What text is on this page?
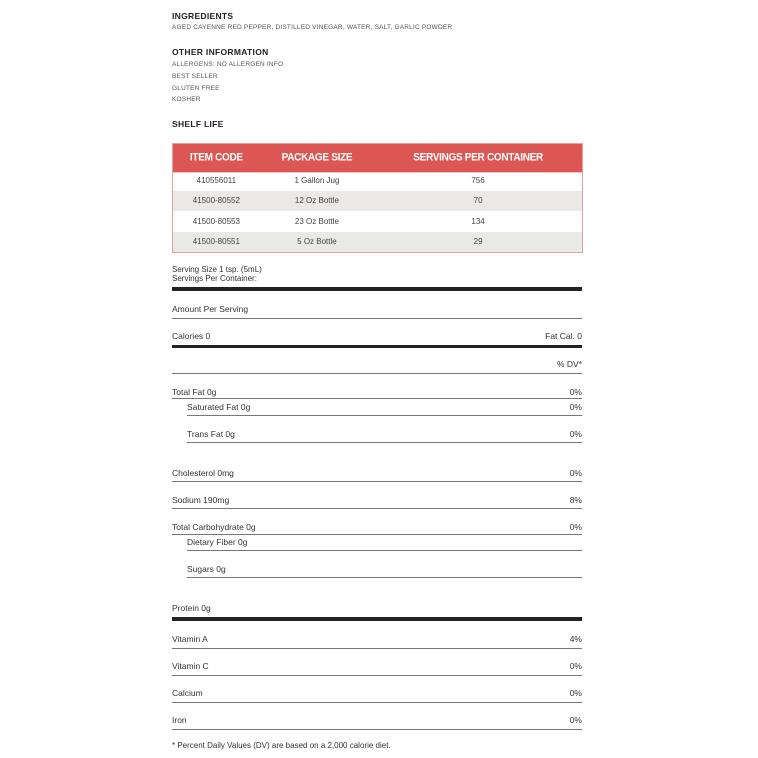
INGREDIENTS
AGED CAYENNE RED PEPPER, DISTILLED VINEGAR, WATER, SALT, GARLIC POWDER
OTHER INFORMATION
ALLERGENS: NO ALLERGEN INFO
BEST SELLER
GLUTEN FREE
KOSHER
SHELF LIFE
ITEM CODE	PACKAGE SIZE	SERVINGS PER CONTAINER
410556011	1 Gallon Jug	756
41500-80552	12 Oz Bottle	70
41500-80553	23 Oz Bottle	134
41500-80551	5 Oz Bottle	29
Serving Size 1 tsp. (5mL)
Servings Per Container:
Amount Per Serving
Calories 0	Fat Cal. 0
% DV*
Total Fat 0g	0%
Saturated Fat 0g	0%
Trans Fat 0g	0%
Cholesterol 0mg	0%
Sodium 190mg	8%
Total Carbohydrate 0g	0%
Dietary Fiber 0g
Sugars 0g
Protein 0g
Vitamin A	4%
Vitamin C	0%
Calcium	0%
Iron	0%
* Percent Daily Values (DV) are based on a 2,000 calorie diet.
